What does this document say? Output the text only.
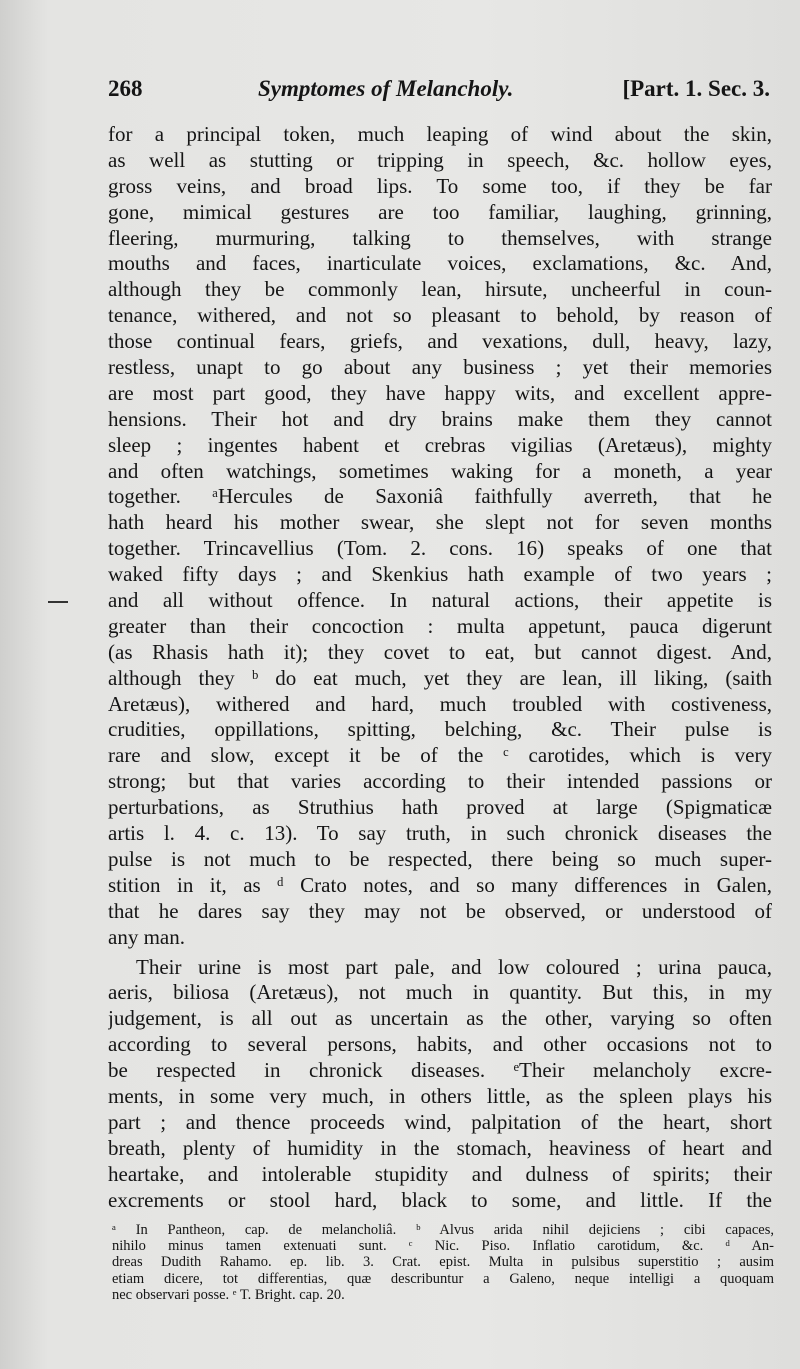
268	Symptomes of Melancholy.	[Part. 1. Sec. 3.
for a principal token, much leaping of wind about the skin,
as well as stutting or tripping in speech, &c. hollow eyes,
gross veins, and broad lips. To some too, if they be far
gone, mimical gestures are too familiar, laughing, grinning,
fleering, murmuring, talking to themselves, with strange
mouths and faces, inarticulate voices, exclamations, &c. And,
although they be commonly lean, hirsute, uncheerful in coun-
tenance, withered, and not so pleasant to behold, by reason of
those continual fears, griefs, and vexations, dull, heavy, lazy,
restless, unapt to go about any business ; yet their memories
are most part good, they have happy wits, and excellent appre-
hensions. Their hot and dry brains make them they cannot
sleep ; ingentes habent et crebras vigilias (Aretæus), mighty
and often watchings, sometimes waking for a moneth, a year
together. ᵃHercules de Saxoniâ faithfully averreth, that he
hath heard his mother swear, she slept not for seven months
together. Trincavellius (Tom. 2. cons. 16) speaks of one that
waked fifty days ; and Skenkius hath example of two years ;
and all without offence. In natural actions, their appetite is
greater than their concoction : multa appetunt, pauca digerunt
(as Rhasis hath it); they covet to eat, but cannot digest. And,
although they ᵇ do eat much, yet they are lean, ill liking, (saith
Aretæus), withered and hard, much troubled with costiveness,
crudities, oppillations, spitting, belching, &c. Their pulse is
rare and slow, except it be of the ᶜ carotides, which is very
strong; but that varies according to their intended passions or
perturbations, as Struthius hath proved at large (Spigmaticæ
artis l. 4. c. 13). To say truth, in such chronick diseases the
pulse is not much to be respected, there being so much super-
stition in it, as ᵈ Crato notes, and so many differences in Galen,
that he dares say they may not be observed, or understood of
any man.
Their urine is most part pale, and low coloured ; urina pauca,
aeris, biliosa (Aretæus), not much in quantity. But this, in my
judgement, is all out as uncertain as the other, varying so often
according to several persons, habits, and other occasions not to
be respected in chronick diseases. ᵉTheir melancholy excre-
ments, in some very much, in others little, as the spleen plays his
part ; and thence proceeds wind, palpitation of the heart, short
breath, plenty of humidity in the stomach, heaviness of heart and
heartake, and intolerable stupidity and dulness of spirits; their
excrements or stool hard, black to some, and little. If the
ᵃ In Pantheon, cap. de melancholiâ. ᵇ Alvus arida nihil dejiciens ; cibi capaces,
nihilo minus tamen extenuati sunt. ᶜ Nic. Piso. Inflatio carotidum, &c. ᵈ An-
dreas Dudith Rahamo. ep. lib. 3. Crat. epist. Multa in pulsibus superstitio ; ausim
etiam dicere, tot differentias, quæ describuntur a Galeno, neque intelligi a quoquam
nec observari posse. ᵉ T. Bright. cap. 20.
